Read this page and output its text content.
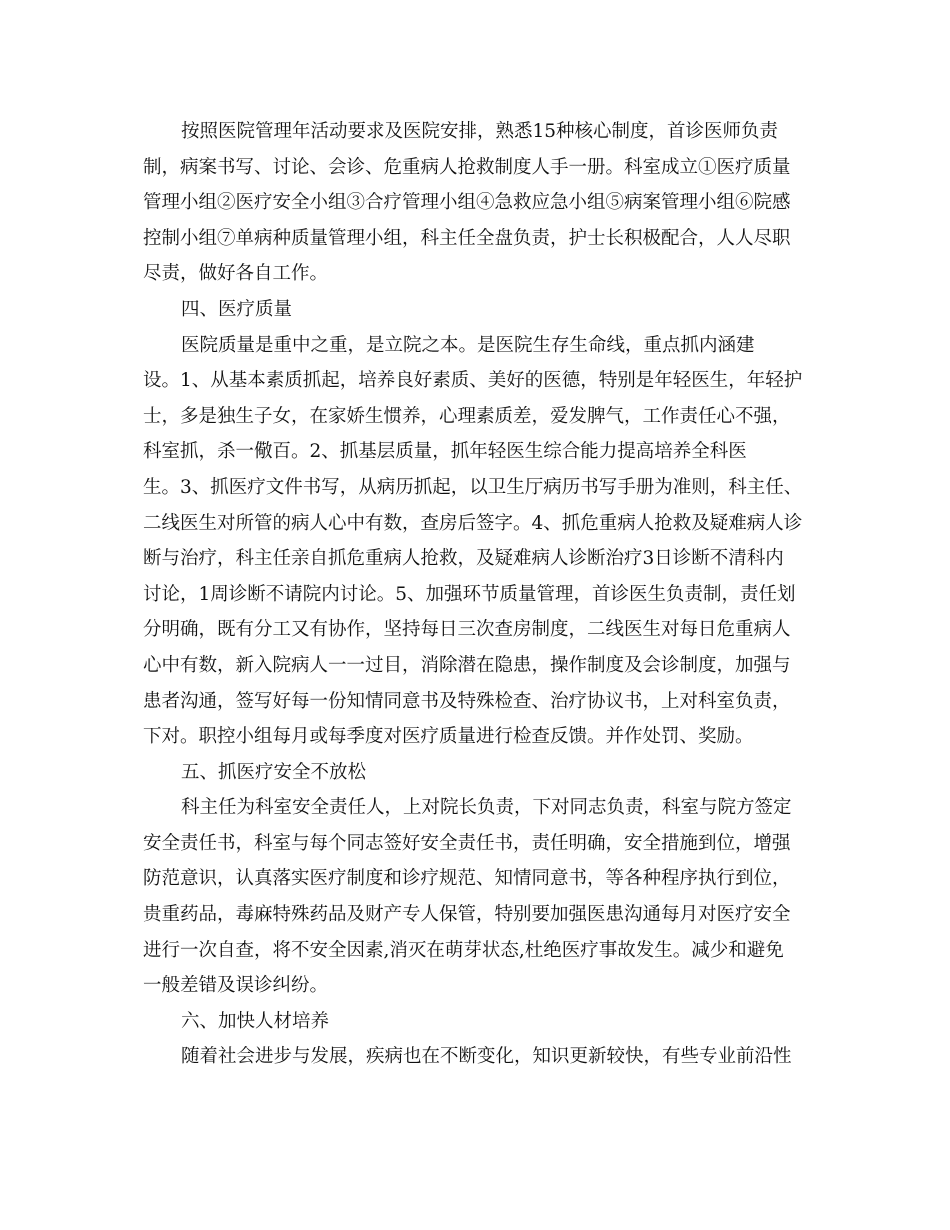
按照医院管理年活动要求及医院安排，熟悉15种核心制度，首诊医师负责
制，病案书写、讨论、会诊、危重病人抢救制度人手一册。科室成立①医疗质量
管理小组②医疗安全小组③合疗管理小组④急救应急小组⑤病案管理小组⑥院感
控制小组⑦单病种质量管理小组，科主任全盘负责，护士长积极配合，人人尽职
尽责，做好各自工作。
四、医疗质量
医院质量是重中之重，是立院之本。是医院生存生命线，重点抓内涵建
设。1、从基本素质抓起，培养良好素质、美好的医德，特别是年轻医生，年轻护
士，多是独生子女，在家娇生惯养，心理素质差，爱发脾气，工作责任心不强，
科室抓，杀一儆百。2、抓基层质量，抓年轻医生综合能力提高培养全科医
生。3、抓医疗文件书写，从病历抓起，以卫生厅病历书写手册为准则，科主任、
二线医生对所管的病人心中有数，查房后签字。4、抓危重病人抢救及疑难病人诊
断与治疗，科主任亲自抓危重病人抢救，及疑难病人诊断治疗3日诊断不清科内
讨论，1周诊断不请院内讨论。5、加强环节质量管理，首诊医生负责制，责任划
分明确，既有分工又有协作，坚持每日三次查房制度，二线医生对每日危重病人
心中有数，新入院病人一一过目，消除潜在隐患，操作制度及会诊制度，加强与
患者沟通，签写好每一份知情同意书及特殊检查、治疗协议书，上对科室负责，
下对。职控小组每月或每季度对医疗质量进行检查反馈。并作处罚、奖励。
五、抓医疗安全不放松
科主任为科室安全责任人，上对院长负责，下对同志负责，科室与院方签定
安全责任书，科室与每个同志签好安全责任书，责任明确，安全措施到位，增强
防范意识，认真落实医疗制度和诊疗规范、知情同意书，等各种程序执行到位，
贵重药品，毒麻特殊药品及财产专人保管，特别要加强医患沟通每月对医疗安全
进行一次自查，将不安全因素,消灭在萌芽状态,杜绝医疗事故发生。减少和避免
一般差错及误诊纠纷。
六、加快人材培养
随着社会进步与发展，疾病也在不断变化，知识更新较快，有些专业前沿性
